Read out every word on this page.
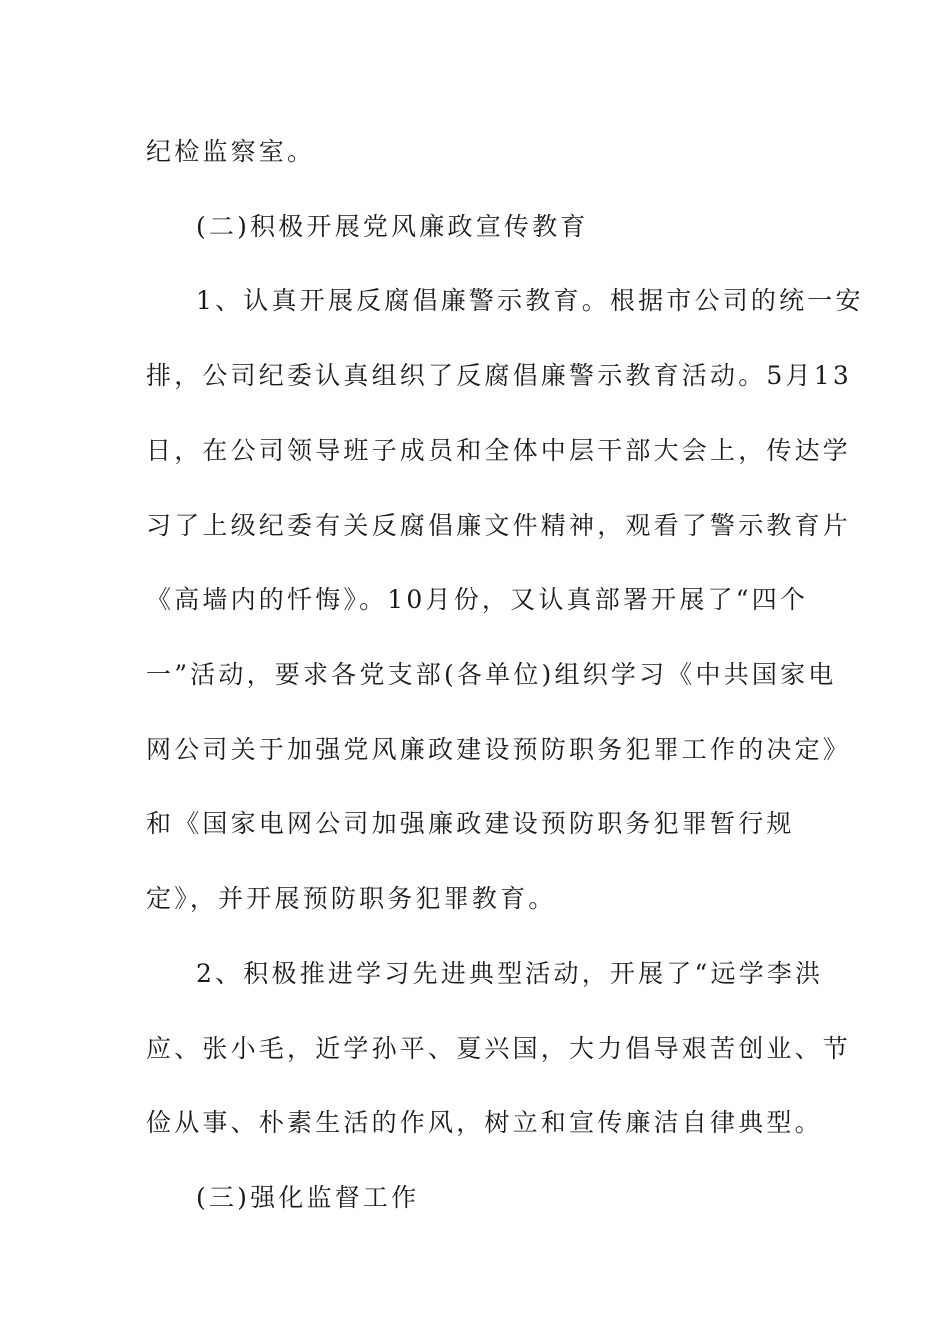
纪检监察室。
(二)积极开展党风廉政宣传教育
1、认真开展反腐倡廉警示教育。根据市公司的统一安
排，公司纪委认真组织了反腐倡廉警示教育活动。5月13
日，在公司领导班子成员和全体中层干部大会上，传达学
习了上级纪委有关反腐倡廉文件精神，观看了警示教育片
《高墙内的忏悔》。10月份，又认真部署开展了“四个
一”活动，要求各党支部(各单位)组织学习《中共国家电
网公司关于加强党风廉政建设预防职务犯罪工作的决定》
和《国家电网公司加强廉政建设预防职务犯罪暂行规
定》，并开展预防职务犯罪教育。
2、积极推进学习先进典型活动，开展了“远学李洪
应、张小毛，近学孙平、夏兴国，大力倡导艰苦创业、节
俭从事、朴素生活的作风，树立和宣传廉洁自律典型。
(三)强化监督工作
